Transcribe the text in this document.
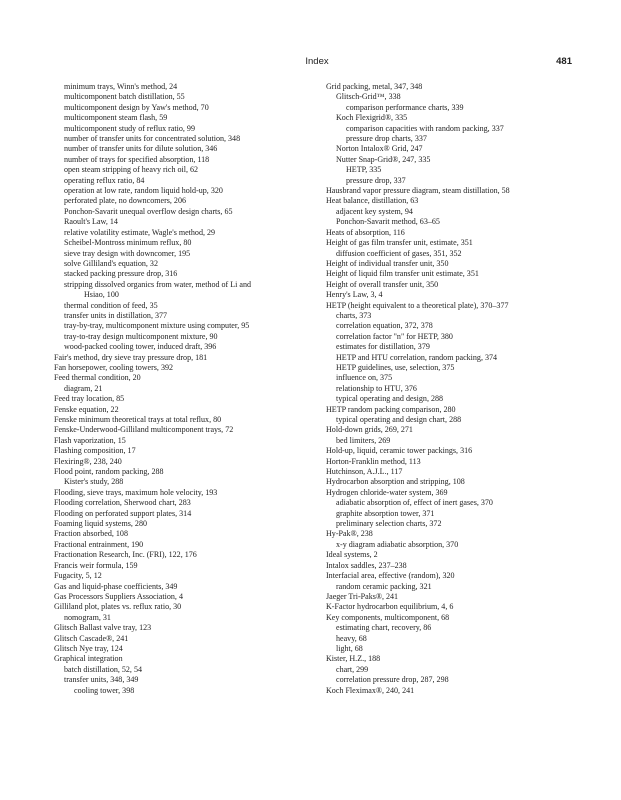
Index	481
minimum trays, Winn's method, 24
multicomponent batch distillation, 55
multicomponent design by Yaw's method, 70
multicomponent steam flash, 59
multicomponent study of reflux ratio, 99
number of transfer units for concentrated solution, 348
number of transfer units for dilute solution, 346
number of trays for specified absorption, 118
open steam stripping of heavy rich oil, 62
operating reflux ratio, 84
operation at low rate, random liquid hold-up, 320
perforated plate, no downcomers, 206
Ponchon-Savarit unequal overflow design charts, 65
Raoult's Law, 14
relative volatility estimate, Wagle's method, 29
Scheibel-Montross minimum reflux, 80
sieve tray design with downcomer, 195
solve Gilliland's equation, 32
stacked packing pressure drop, 316
stripping dissolved organics from water, method of Li and
Hsiao, 100
thermal condition of feed, 35
transfer units in distillation, 377
tray-by-tray, multicomponent mixture using computer, 95
tray-to-tray design multicomponent mixture, 90
wood-packed cooling tower, induced draft, 396
Fair's method, dry sieve tray pressure drop, 181
Fan horsepower, cooling towers, 392
Feed thermal condition, 20
diagram, 21
Feed tray location, 85
Fenske equation, 22
Fenske minimum theoretical trays at total reflux, 80
Fenske-Underwood-Gilliland multicomponent trays, 72
Flash vaporization, 15
Flashing composition, 17
Flexiring®, 238, 240
Flood point, random packing, 288
Kister's study, 288
Flooding, sieve trays, maximum hole velocity, 193
Flooding correlation, Sherwood chart, 283
Flooding on perforated support plates, 314
Foaming liquid systems, 280
Fraction absorbed, 108
Fractional entrainment, 190
Fractionation Research, Inc. (FRI), 122, 176
Francis weir formula, 159
Fugacity, 5, 12
Gas and liquid-phase coefficients, 349
Gas Processors Suppliers Association, 4
Gilliland plot, plates vs. reflux ratio, 30
nomogram, 31
Glitsch Ballast valve tray, 123
Glitsch Cascade®, 241
Glitsch Nye tray, 124
Graphical integration
batch distillation, 52, 54
transfer units, 348, 349
cooling tower, 398
Grid packing, metal, 347, 348
Glitsch-Grid™, 338
comparison performance charts, 339
Koch Flexigrid®, 335
comparison capacities with random packing, 337
pressure drop charts, 337
Norton Intalox® Grid, 247
Nutter Snap-Grid®, 247, 335
HETP, 335
pressure drop, 337
Hausbrand vapor pressure diagram, steam distillation, 58
Heat balance, distillation, 63
adjacent key system, 94
Ponchon-Savarit method, 63–65
Heats of absorption, 116
Height of gas film transfer unit, estimate, 351
diffusion coefficient of gases, 351, 352
Height of individual transfer unit, 350
Height of liquid film transfer unit estimate, 351
Height of overall transfer unit, 350
Henry's Law, 3, 4
HETP (height equivalent to a theoretical plate), 370–377
charts, 373
correlation equation, 372, 378
correlation factor "n" for HETP, 380
estimates for distillation, 379
HETP and HTU correlation, random packing, 374
HETP guidelines, use, selection, 375
influence on, 375
relationship to HTU, 376
typical operating and design, 288
HETP random packing comparison, 280
typical operating and design chart, 288
Hold-down grids, 269, 271
bed limiters, 269
Hold-up, liquid, ceramic tower packings, 316
Horton-Franklin method, 113
Hutchinson, A.J.L., 117
Hydrocarbon absorption and stripping, 108
Hydrogen chloride-water system, 369
adiabatic absorption of, effect of inert gases, 370
graphite absorption tower, 371
preliminary selection charts, 372
Hy-Pak®, 238
x-y diagram adiabatic absorption, 370
Ideal systems, 2
Intalox saddles, 237–238
Interfacial area, effective (random), 320
random ceramic packing, 321
Jaeger Tri-Paks®, 241
K-Factor hydrocarbon equilibrium, 4, 6
Key components, multicomponent, 68
estimating chart, recovery, 86
heavy, 68
light, 68
Kister, H.Z., 188
chart, 299
correlation pressure drop, 287, 298
Koch Fleximax®, 240, 241
